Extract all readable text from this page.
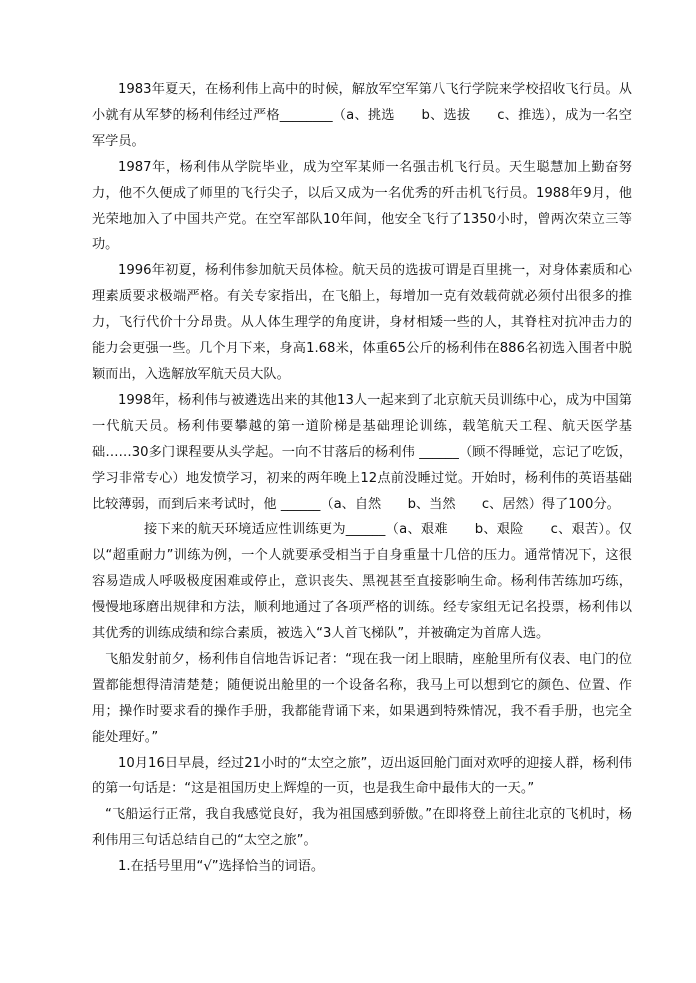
1983年夏天，在杨利伟上高中的时候，解放军空军第八飞行学院来学校招收飞行员。从小就有从军梦的杨利伟经过严格________（a、挑选　　b、选拔　　c、推选），成为一名空军学员。

1987年，杨利伟从学院毕业，成为空军某师一名强击机飞行员。天生聪慧加上勤奋努力，他不久便成了师里的飞行尖子，以后又成为一名优秀的歼击机飞行员。1988年9月，他光荣地加入了中国共产党。在空军部队10年间，他安全飞行了1350小时，曾两次荣立三等功。

1996年初夏，杨利伟参加航天员体检。航天员的选拔可谓是百里挑一，对身体素质和心理素质要求极端严格。有关专家指出，在飞船上，每增加一克有效载荷就必须付出很多的推力，飞行代价十分昂贵。从人体生理学的角度讲，身材相矮一些的人，其脊柱对抗冲击力的能力会更强一些。几个月下来，身高1.68米，体重65公斤的杨利伟在886名初选入围者中脱颖而出，入选解放军航天员大队。

1998年，杨利伟与被遴选出来的其他13人一起来到了北京航天员训练中心，成为中国第一代航天员。杨利伟要攀越的第一道阶梯是基础理论训练，载笔航天工程、航天医学基础……30多门课程要从头学起。一向不甘落后的杨利伟 ______（顾不得睡觉，忘记了吃饭，学习非常专心）地发愤学习，初来的两年晚上12点前没睡过觉。开始时，杨利伟的英语基础比较薄弱，而到后来考试时，他 ______（a、自然　　b、当然　　c、居然）得了100分。

接下来的航天环境适应性训练更为______（a、艰难　　b、艰险　　c、艰苦）。仅以“超重耐力”训练为例，一个人就要承受相当于自身重量十几倍的压力。通常情况下，这很容易造成人呼吸极度困难或停止，意识丧失、黑视甚至直接影响生命。杨利伟苦练加巧练，慢慢地琢磨出规律和方法，顺利地通过了各项严格的训练。经专家组无记名投票，杨利伟以其优秀的训练成绩和综合素质，被选入“3人首飞梯队”，并被确定为首席人选。

飞船发射前夕，杨利伟自信地告诉记者：“现在我一闭上眼睛，座舱里所有仪表、电门的位置都能想得清清楚楚；随便说出舱里的一个设备名称，我马上可以想到它的颜色、位置、作用；操作时要求看的操作手册，我都能背诵下来，如果遇到特殊情况，我不看手册，也完全能处理好。”

10月16日早晨，经过21小时的“太空之旅”，迈出返回舱门面对欢呼的迎接人群，杨利伟的第一句话是：“这是祖国历史上辉煌的一页，也是我生命中最伟大的一天。”

“飞船运行正常，我自我感觉良好，我为祖国感到骄傲。”在即将登上前往北京的飞机时，杨利伟用三句话总结自己的“太空之旅”。

1.在括号里用“√”选择恰当的词语。
